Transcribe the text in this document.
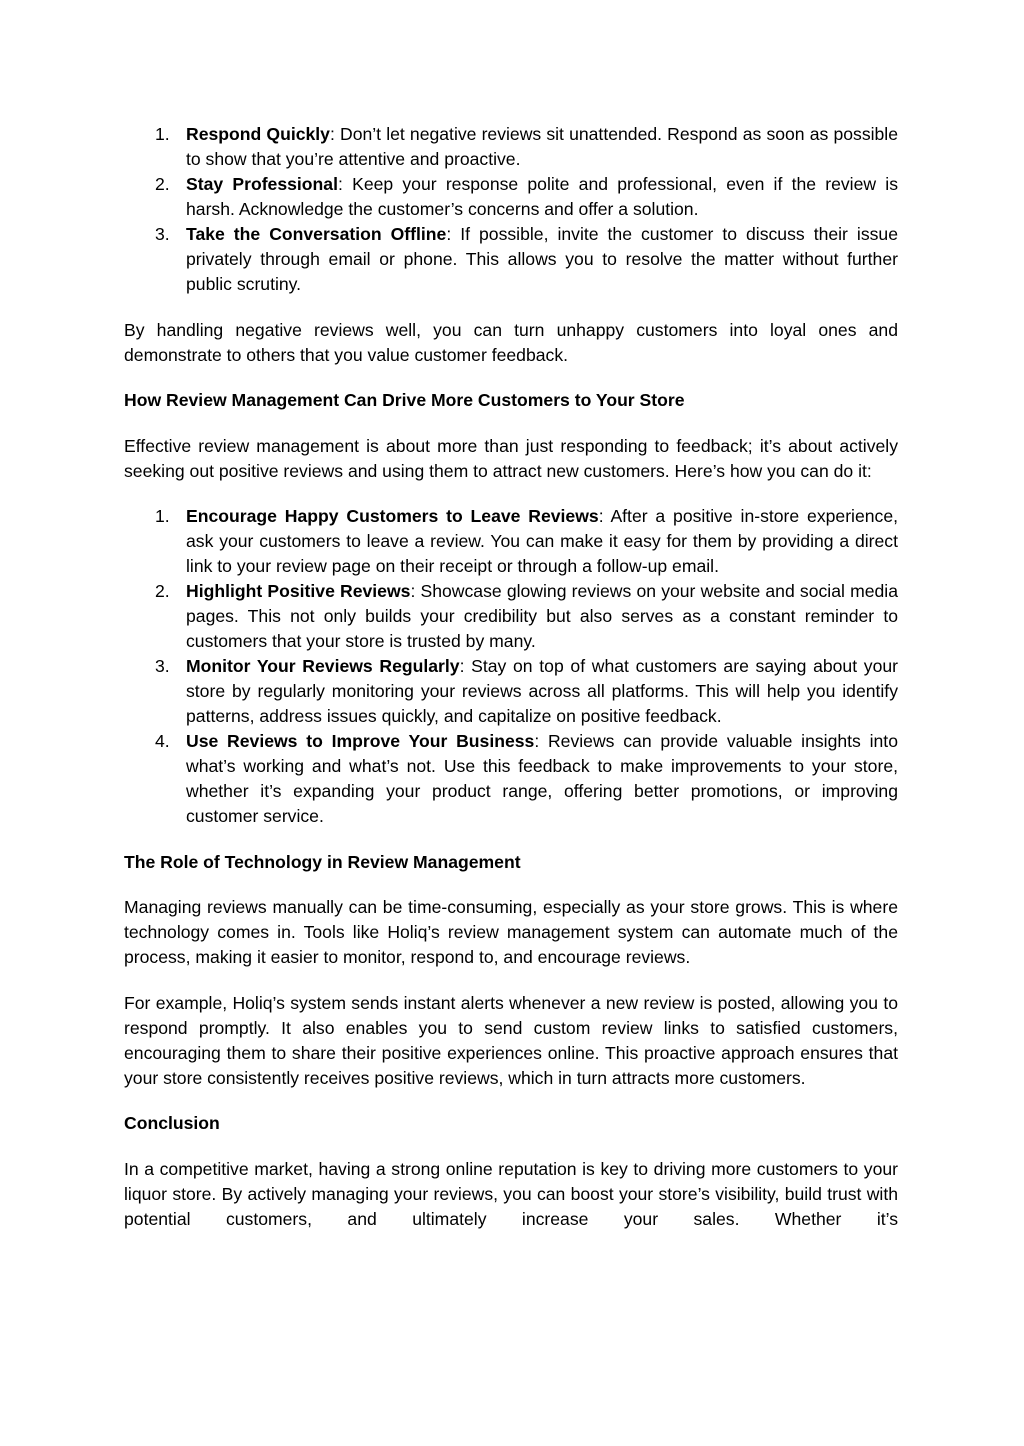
1. Respond Quickly: Don’t let negative reviews sit unattended. Respond as soon as possible to show that you’re attentive and proactive.
2. Stay Professional: Keep your response polite and professional, even if the review is harsh. Acknowledge the customer’s concerns and offer a solution.
3. Take the Conversation Offline: If possible, invite the customer to discuss their issue privately through email or phone. This allows you to resolve the matter without further public scrutiny.

By handling negative reviews well, you can turn unhappy customers into loyal ones and demonstrate to others that you value customer feedback.

How Review Management Can Drive More Customers to Your Store

Effective review management is about more than just responding to feedback; it’s about actively seeking out positive reviews and using them to attract new customers. Here’s how you can do it:

1. Encourage Happy Customers to Leave Reviews: After a positive in-store experience, ask your customers to leave a review. You can make it easy for them by providing a direct link to your review page on their receipt or through a follow-up email.
2. Highlight Positive Reviews: Showcase glowing reviews on your website and social media pages. This not only builds your credibility but also serves as a constant reminder to customers that your store is trusted by many.
3. Monitor Your Reviews Regularly: Stay on top of what customers are saying about your store by regularly monitoring your reviews across all platforms. This will help you identify patterns, address issues quickly, and capitalize on positive feedback.
4. Use Reviews to Improve Your Business: Reviews can provide valuable insights into what’s working and what’s not. Use this feedback to make improvements to your store, whether it’s expanding your product range, offering better promotions, or improving customer service.
The Role of Technology in Review Management

Managing reviews manually can be time-consuming, especially as your store grows. This is where technology comes in. Tools like Holiq’s review management system can automate much of the process, making it easier to monitor, respond to, and encourage reviews.

For example, Holiq’s system sends instant alerts whenever a new review is posted, allowing you to respond promptly. It also enables you to send custom review links to satisfied customers, encouraging them to share their positive experiences online. This proactive approach ensures that your store consistently receives positive reviews, which in turn attracts more customers.

Conclusion

In a competitive market, having a strong online reputation is key to driving more customers to your liquor store. By actively managing your reviews, you can boost your store’s visibility, build trust with potential customers, and ultimately increase your sales. Whether it’s
